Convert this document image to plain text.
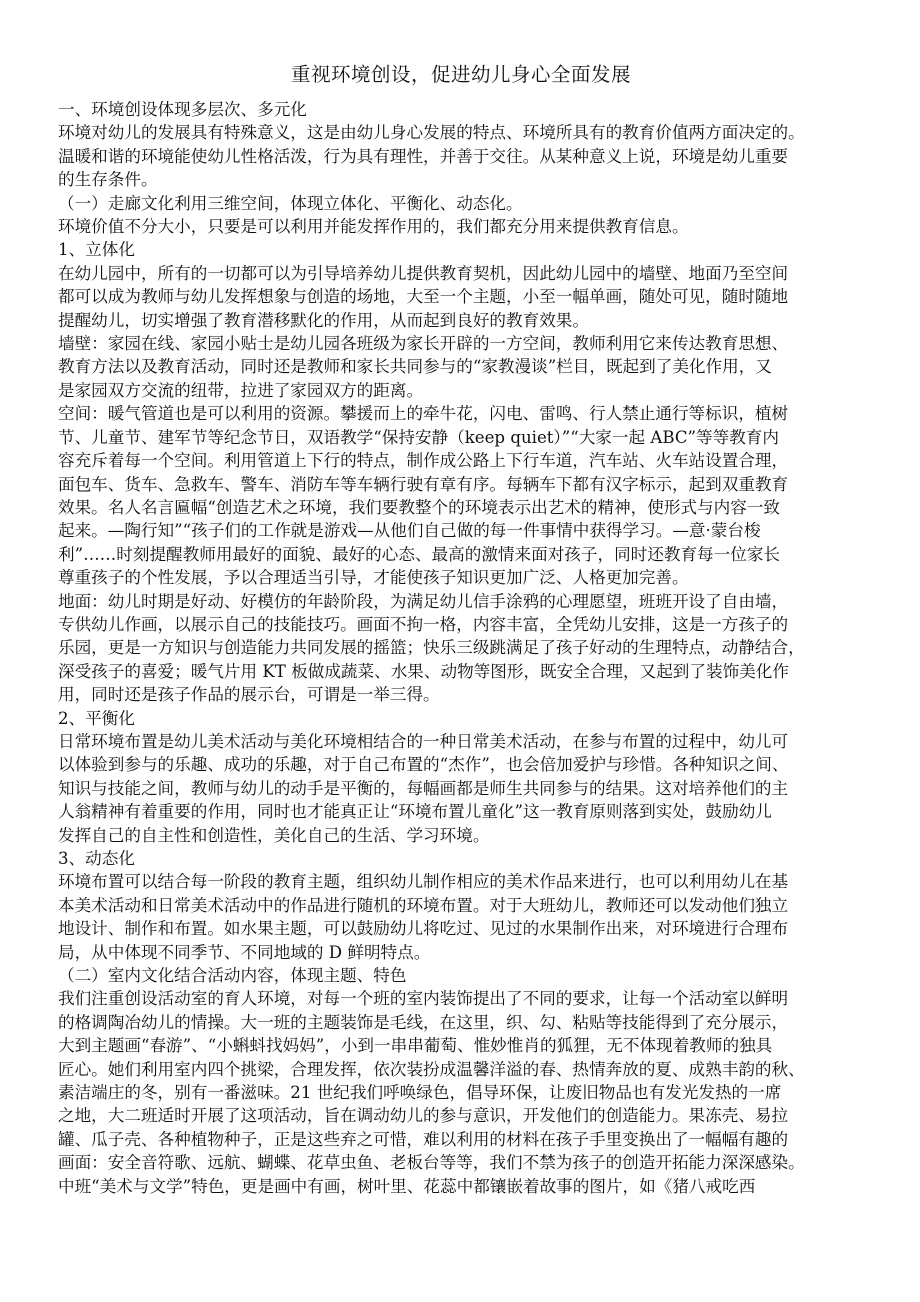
重视环境创设，促进幼儿身心全面发展
一、环境创设体现多层次、多元化
环境对幼儿的发展具有特殊意义，这是由幼儿身心发展的特点、环境所具有的教育价值两方面决定的。
温暖和谐的环境能使幼儿性格活泼，行为具有理性，并善于交往。从某种意义上说，环境是幼儿重要
的生存条件。
（一）走廊文化利用三维空间，体现立体化、平衡化、动态化。
环境价值不分大小，只要是可以利用并能发挥作用的，我们都充分用来提供教育信息。
1、立体化
在幼儿园中，所有的一切都可以为引导培养幼儿提供教育契机，因此幼儿园中的墙壁、地面乃至空间
都可以成为教师与幼儿发挥想象与创造的场地，大至一个主题，小至一幅单画，随处可见，随时随地
提醒幼儿，切实增强了教育潜移默化的作用，从而起到良好的教育效果。
墙壁：家园在线、家园小贴士是幼儿园各班级为家长开辟的一方空间，教师利用它来传达教育思想、
教育方法以及教育活动，同时还是教师和家长共同参与的“家教漫谈”栏目，既起到了美化作用，又
是家园双方交流的纽带，拉进了家园双方的距离。
空间：暖气管道也是可以利用的资源。攀援而上的牵牛花，闪电、雷鸣、行人禁止通行等标识，植树
节、儿童节、建军节等纪念节日，双语教学“保持安静（keep quiet）”“大家一起 ABC”等等教育内
容充斥着每一个空间。利用管道上下行的特点，制作成公路上下行车道，汽车站、火车站设置合理，
面包车、货车、急救车、警车、消防车等车辆行驶有章有序。每辆车下都有汉字标示，起到双重教育
效果。名人名言匾幅“创造艺术之环境，我们要教整个的环境表示出艺术的精神，使形式与内容一致
起来。—陶行知”“孩子们的工作就是游戏—从他们自己做的每一件事情中获得学习。—意·蒙台梭
利”……时刻提醒教师用最好的面貌、最好的心态、最高的激情来面对孩子，同时还教育每一位家长
尊重孩子的个性发展，予以合理适当引导，才能使孩子知识更加广泛、人格更加完善。
地面：幼儿时期是好动、好模仿的年龄阶段，为满足幼儿信手涂鸦的心理愿望，班班开设了自由墙，
专供幼儿作画，以展示自己的技能技巧。画面不拘一格，内容丰富，全凭幼儿安排，这是一方孩子的
乐园，更是一方知识与创造能力共同发展的摇篮；快乐三级跳满足了孩子好动的生理特点，动静结合，
深受孩子的喜爱；暖气片用 KT 板做成蔬菜、水果、动物等图形，既安全合理，又起到了装饰美化作
用，同时还是孩子作品的展示台，可谓是一举三得。
2、平衡化
日常环境布置是幼儿美术活动与美化环境相结合的一种日常美术活动，在参与布置的过程中，幼儿可
以体验到参与的乐趣、成功的乐趣，对于自己布置的“杰作”，也会倍加爱护与珍惜。各种知识之间、
知识与技能之间，教师与幼儿的动手是平衡的，每幅画都是师生共同参与的结果。这对培养他们的主
人翁精神有着重要的作用，同时也才能真正让“环境布置儿童化”这一教育原则落到实处，鼓励幼儿
发挥自己的自主性和创造性，美化自己的生活、学习环境。
3、动态化
环境布置可以结合每一阶段的教育主题，组织幼儿制作相应的美术作品来进行，也可以利用幼儿在基
本美术活动和日常美术活动中的作品进行随机的环境布置。对于大班幼儿，教师还可以发动他们独立
地设计、制作和布置。如水果主题，可以鼓励幼儿将吃过、见过的水果制作出来，对环境进行合理布
局，从中体现不同季节、不同地域的 D 鲜明特点。
（二）室内文化结合活动内容，体现主题、特色
我们注重创设活动室的育人环境，对每一个班的室内装饰提出了不同的要求，让每一个活动室以鲜明
的格调陶冶幼儿的情操。大一班的主题装饰是毛线，在这里，织、勾、粘贴等技能得到了充分展示，
大到主题画“春游”、“小蝌蚪找妈妈”，小到一串串葡萄、惟妙惟肖的狐狸，无不体现着教师的独具
匠心。她们利用室内四个挑梁，合理发挥，依次装扮成温馨洋溢的春、热情奔放的夏、成熟丰韵的秋、
素洁端庄的冬，别有一番滋味。21 世纪我们呼唤绿色，倡导环保，让废旧物品也有发光发热的一席
之地，大二班适时开展了这项活动，旨在调动幼儿的参与意识，开发他们的创造能力。果冻壳、易拉
罐、瓜子壳、各种植物种子，正是这些弃之可惜，难以利用的材料在孩子手里变换出了一幅幅有趣的
画面：安全音符歌、远航、蝴蝶、花草虫鱼、老板台等等，我们不禁为孩子的创造开拓能力深深感染。
中班“美术与文学”特色，更是画中有画，树叶里、花蕊中都镶嵌着故事的图片，如《猪八戒吃西
